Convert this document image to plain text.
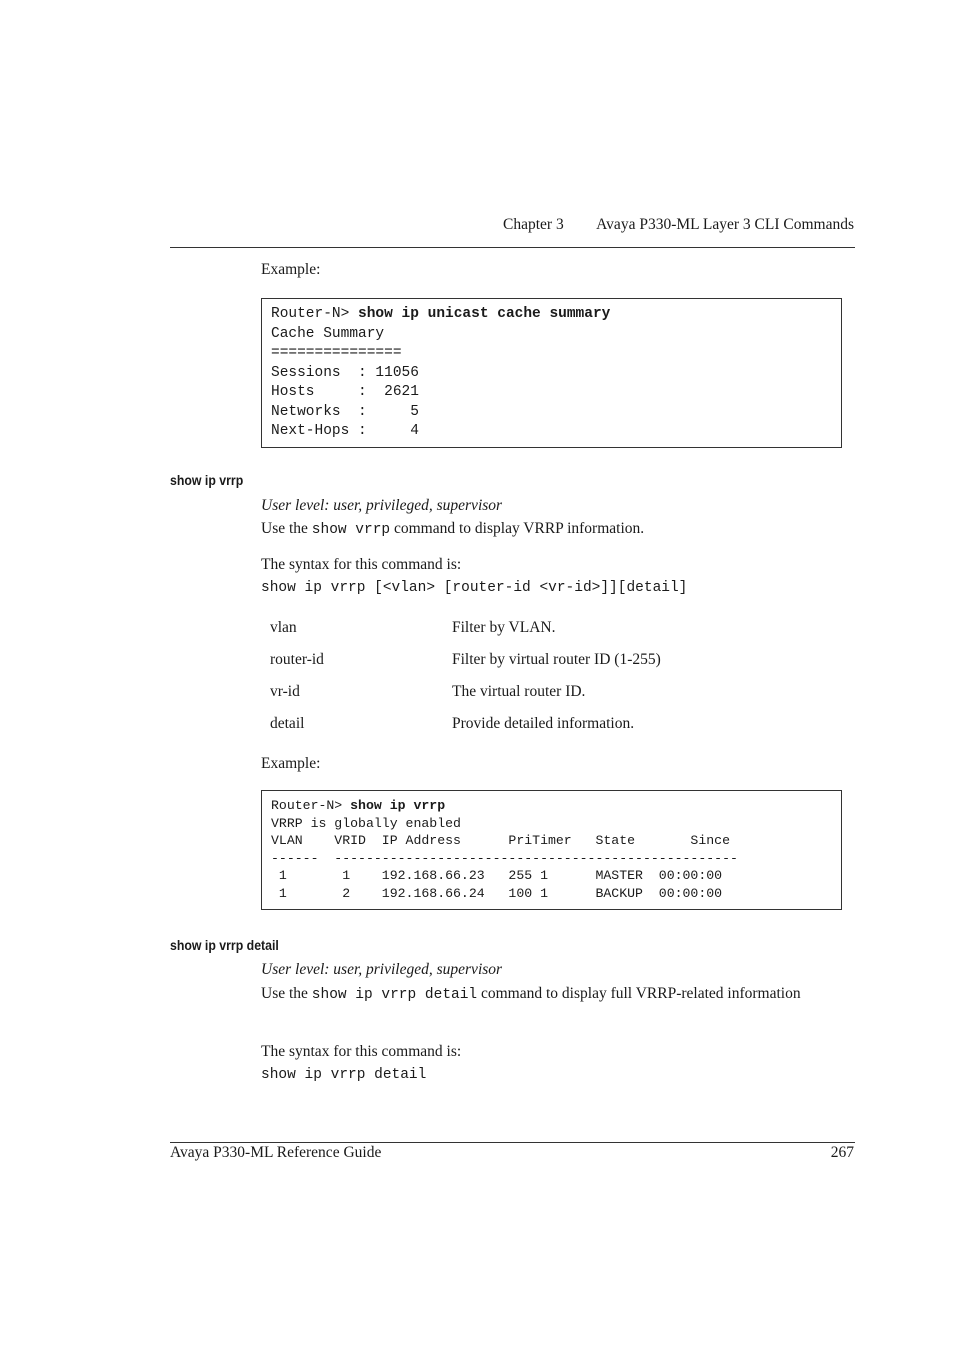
Chapter 3 Avaya P330-ML Layer 3 CLI Commands
Example:
Router-N> show ip unicast cache summary
Cache Summary
===============
Sessions  : 11056
Hosts     :  2621
Networks  :     5
Next-Hops :     4
show ip vrrp
User level: user, privileged, supervisor
Use the show vrrp command to display VRRP information.
The syntax for this command is:
show ip vrrp [<vlan> [router-id <vr-id>]][detail]
vlan	Filter by VLAN.
router-id	Filter by virtual router ID (1-255)
vr-id	The virtual router ID.
detail	Provide detailed information.
Example:
Router-N> show ip vrrp
VRRP is globally enabled
VLAN    VRID  IP Address      PriTimer   State       Since
------  ---------------------------------------------------
1       1    192.168.66.23   255 1      MASTER  00:00:00
1       2    192.168.66.24   100 1      BACKUP  00:00:00
show ip vrrp detail
User level: user, privileged, supervisor
Use the show ip vrrp detail command to display full VRRP-related information
The syntax for this command is:
show ip vrrp detail
Avaya P330-ML Reference Guide	267
